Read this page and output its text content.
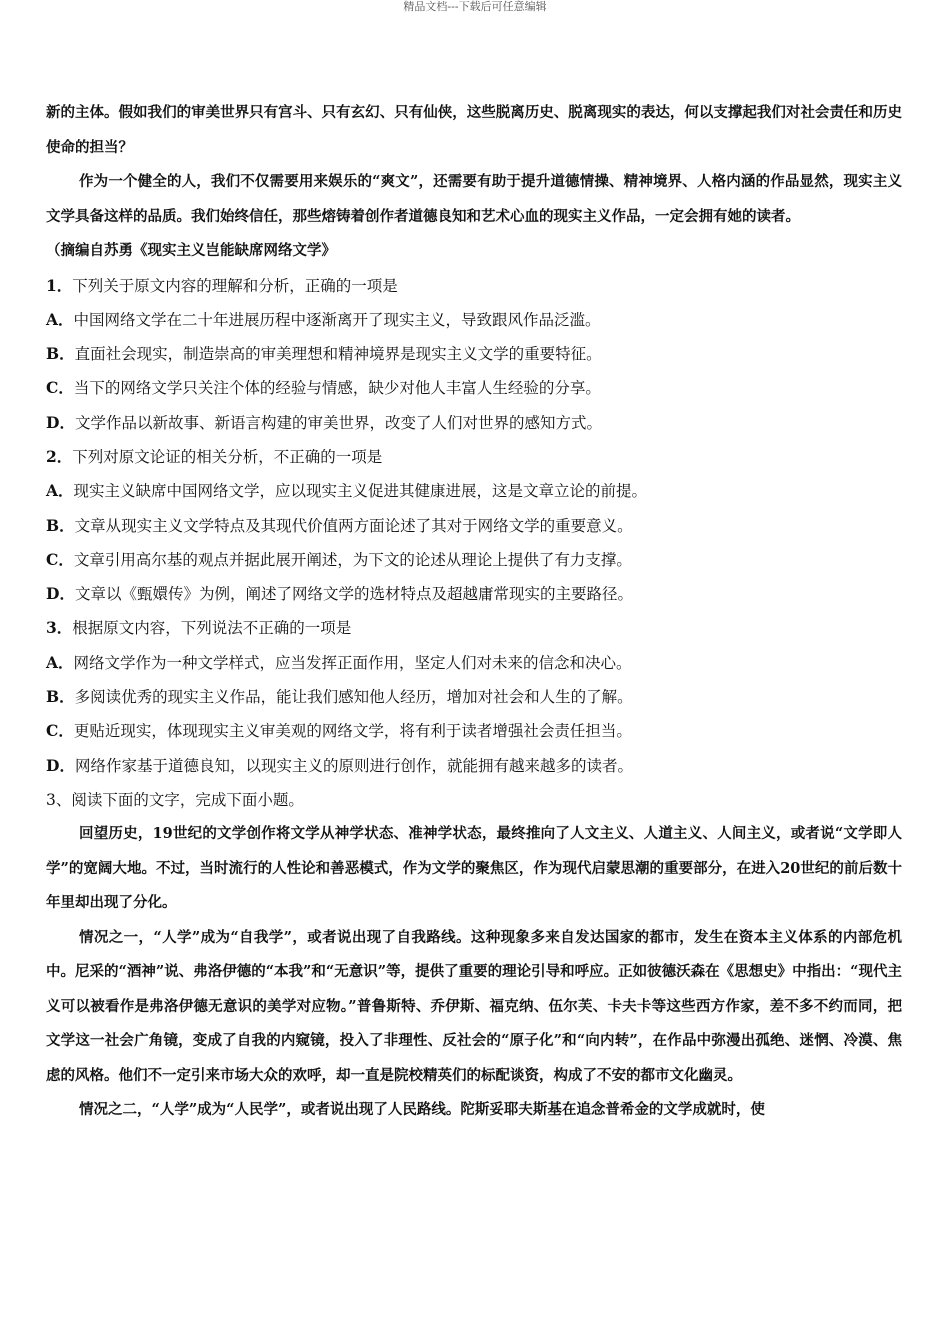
精品文档---下载后可任意编辑

新的主体。假如我们的审美世界只有宫斗、只有玄幻、只有仙侠，这些脱离历史、脱离现实的表达，何以支撑起我们对社会责任和历史使命的担当？

作为一个健全的人，我们不仅需要用来娱乐的“爽文”，还需要有助于提升道德情操、精神境界、人格内涵的作品显然，现实主义文学具备这样的品质。我们始终信任，那些熔铸着创作者道德良知和艺术心血的现实主义作品，一定会拥有她的读者。

（摘编自苏勇《现实主义岂能缺席网络文学》

1．下列关于原文内容的理解和分析，正确的一项是

A．中国网络文学在二十年进展历程中逐渐离开了现实主义，导致跟风作品泛滥。

B．直面社会现实，制造崇高的审美理想和精神境界是现实主义文学的重要特征。

C．当下的网络文学只关注个体的经验与情感，缺少对他人丰富人生经验的分享。

D．文学作品以新故事、新语言构建的审美世界，改变了人们对世界的感知方式。

2．下列对原文论证的相关分析，不正确的一项是

A．现实主义缺席中国网络文学，应以现实主义促进其健康进展，这是文章立论的前提。

B．文章从现实主义文学特点及其现代价值两方面论述了其对于网络文学的重要意义。

C．文章引用高尔基的观点并据此展开阐述，为下文的论述从理论上提供了有力支撑。

D．文章以《甄嬛传》为例，阐述了网络文学的选材特点及超越庸常现实的主要路径。

3．根据原文内容，下列说法不正确的一项是

A．网络文学作为一种文学样式，应当发挥正面作用，坚定人们对未来的信念和决心。

B．多阅读优秀的现实主义作品，能让我们感知他人经历，增加对社会和人生的了解。

C．更贴近现实，体现现实主义审美观的网络文学，将有利于读者增强社会责任担当。

D．网络作家基于道德良知，以现实主义的原则进行创作，就能拥有越来越多的读者。

3、阅读下面的文字，完成下面小题。

回望历史，19世纪的文学创作将文学从神学状态、准神学状态，最终推向了人文主义、人道主义、人间主义，或者说“文学即人学”的宽阔大地。不过，当时流行的人性论和善恶模式，作为文学的聚焦区，作为现代启蒙思潮的重要部分，在进入20世纪的前后数十年里却出现了分化。

情况之一，“人学”成为“自我学”，或者说出现了自我路线。这种现象多来自发达国家的都市，发生在资本主义体系的内部危机中。尼采的“酒神”说、弗洛伊德的“本我”和“无意识”等，提供了重要的理论引导和呼应。正如彼德沃森在《思想史》中指出：“现代主义可以被看作是弗洛伊德无意识的美学对应物。”普鲁斯特、乔伊斯、福克纳、伍尔芙、卡夫卡等这些西方作家，差不多不约而同，把文学这一社会广角镜，变成了自我的内窥镜，投入了非理性、反社会的“原子化”和“向内转”，在作品中弥漫出孤绝、迷惘、冷漠、焦虑的风格。他们不一定引来市场大众的欢呼，却一直是院校精英们的标配谈资，构成了不安的都市文化幽灵。

情况之二，“人学”成为“人民学”，或者说出现了人民路线。陀斯妥耶夫斯基在追念普希金的文学成就时，使
